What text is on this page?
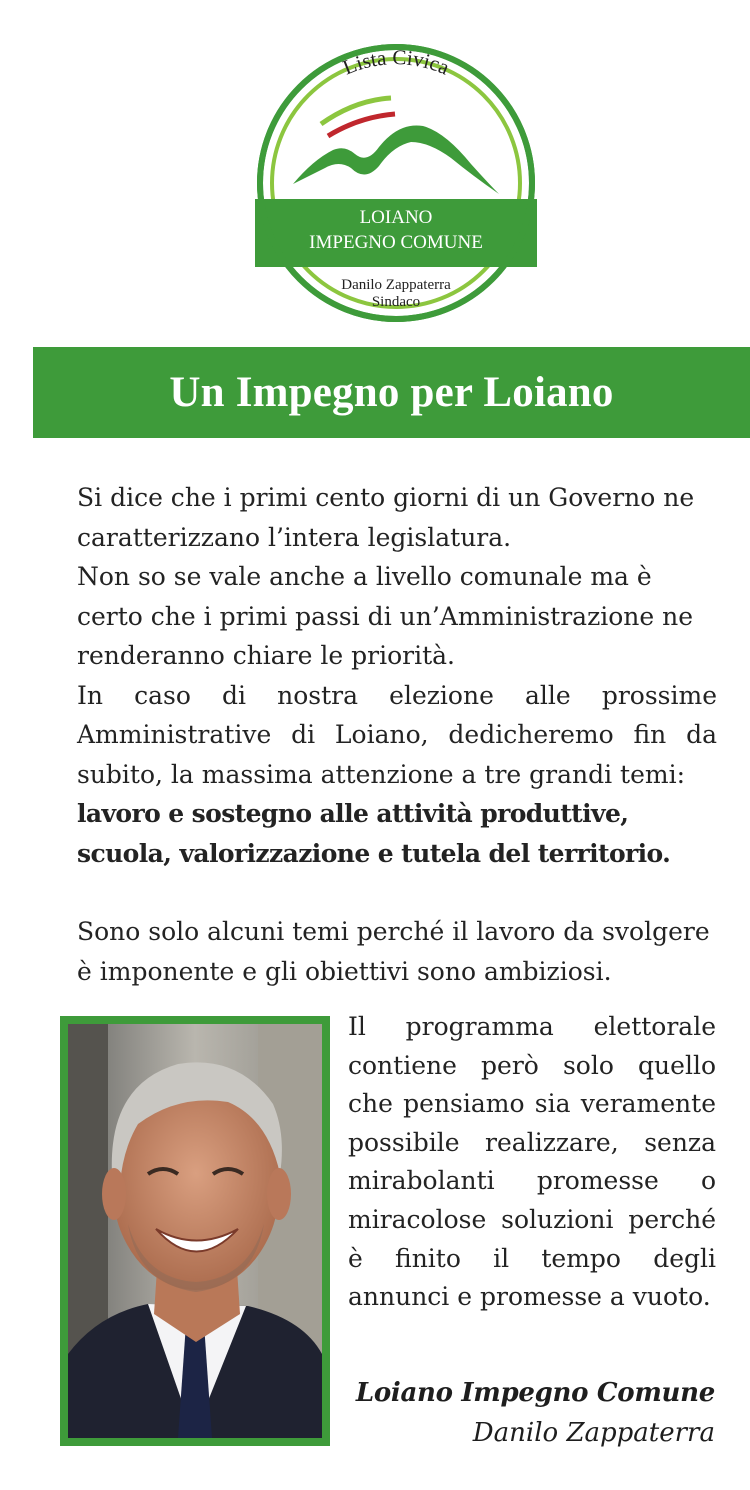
Lista Civica
LOIANO
IMPEGNO COMUNE
Danilo Zappaterra
Sindaco
Un Impegno per Loiano

Si dice che i primi cento giorni di un Governo ne caratterizzano l’intera legislatura.

Non so se vale anche a livello comunale ma è certo che i primi passi di un’Amministrazione ne renderanno chiare le priorità.

In caso di nostra elezione alle prossime Amministrative di Loiano, dedicheremo fin da subito, la massima attenzione a tre grandi temi:

lavoro e sostegno alle attività produttive, scuola, valorizzazione e tutela del territorio.

Sono solo alcuni temi perché il lavoro da svolgere è imponente e gli obiettivi sono ambiziosi.

Il programma elettorale contiene però solo quello che pensiamo sia veramente possibile realizzare, senza mirabolanti promesse o miracolose soluzioni perché è finito il tempo degli annunci e promesse a vuoto.

Loiano Impegno Comune
Danilo Zappaterra
